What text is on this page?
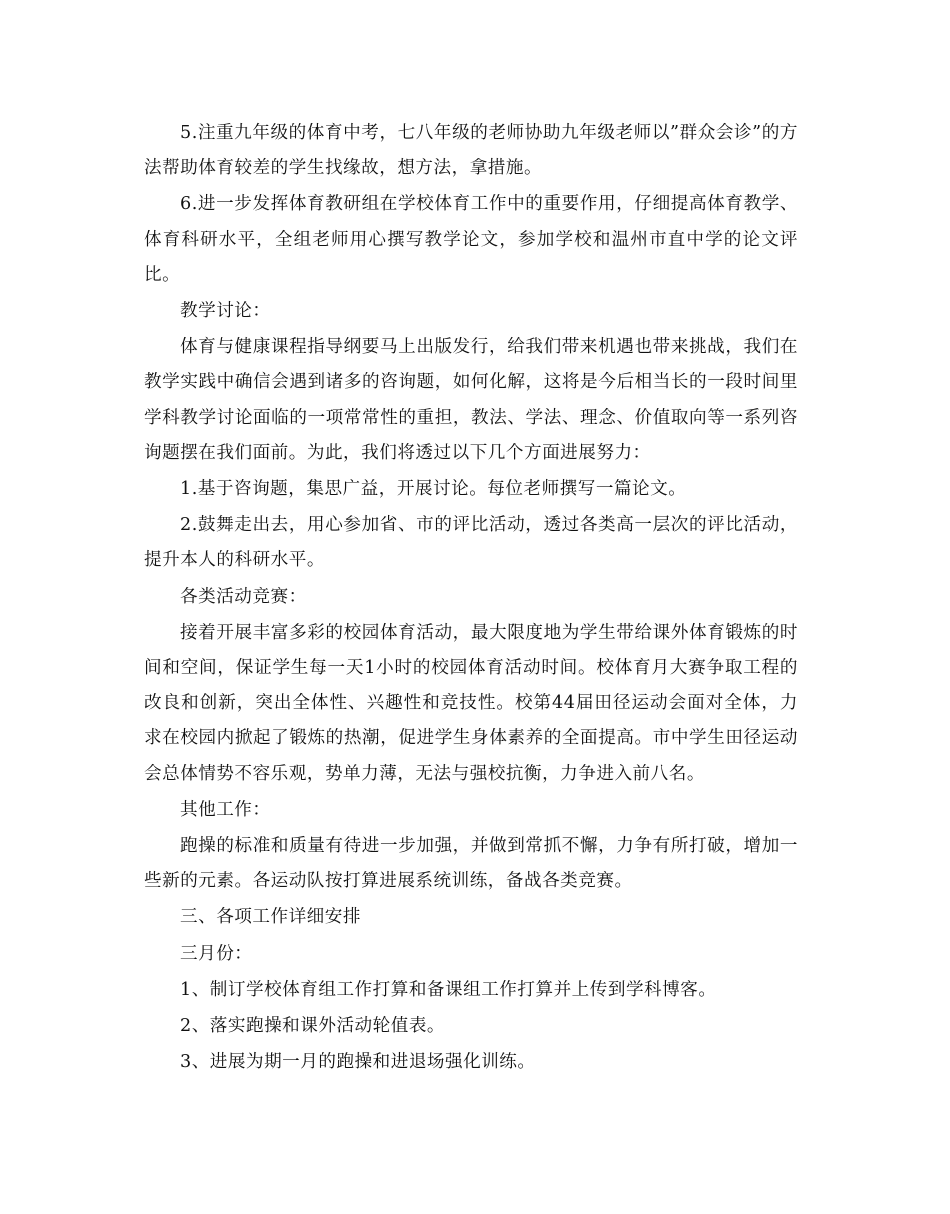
5.注重九年级的体育中考，七八年级的老师协助九年级老师以”群众会诊”的方法帮助体育较差的学生找缘故，想方法，拿措施。

6.进一步发挥体育教研组在学校体育工作中的重要作用，仔细提高体育教学、体育科研水平，全组老师用心撰写教学论文，参加学校和温州市直中学的论文评比。

教学讨论：

体育与健康课程指导纲要马上出版发行，给我们带来机遇也带来挑战，我们在教学实践中确信会遇到诸多的咨询题，如何化解，这将是今后相当长的一段时间里学科教学讨论面临的一项常常性的重担，教法、学法、理念、价值取向等一系列咨询题摆在我们面前。为此，我们将透过以下几个方面进展努力：

1.基于咨询题，集思广益，开展讨论。每位老师撰写一篇论文。

2.鼓舞走出去，用心参加省、市的评比活动，透过各类高一层次的评比活动，提升本人的科研水平。

各类活动竞赛：

接着开展丰富多彩的校园体育活动，最大限度地为学生带给课外体育锻炼的时间和空间，保证学生每一天1小时的校园体育活动时间。校体育月大赛争取工程的改良和创新，突出全体性、兴趣性和竞技性。校第44届田径运动会面对全体，力求在校园内掀起了锻炼的热潮，促进学生身体素养的全面提高。市中学生田径运动会总体情势不容乐观，势单力薄，无法与强校抗衡，力争进入前八名。

其他工作：

跑操的标准和质量有待进一步加强，并做到常抓不懈，力争有所打破，增加一些新的元素。各运动队按打算进展系统训练，备战各类竞赛。

三、各项工作详细安排

三月份：

1、制订学校体育组工作打算和备课组工作打算并上传到学科博客。

2、落实跑操和课外活动轮值表。

3、进展为期一月的跑操和进退场强化训练。
